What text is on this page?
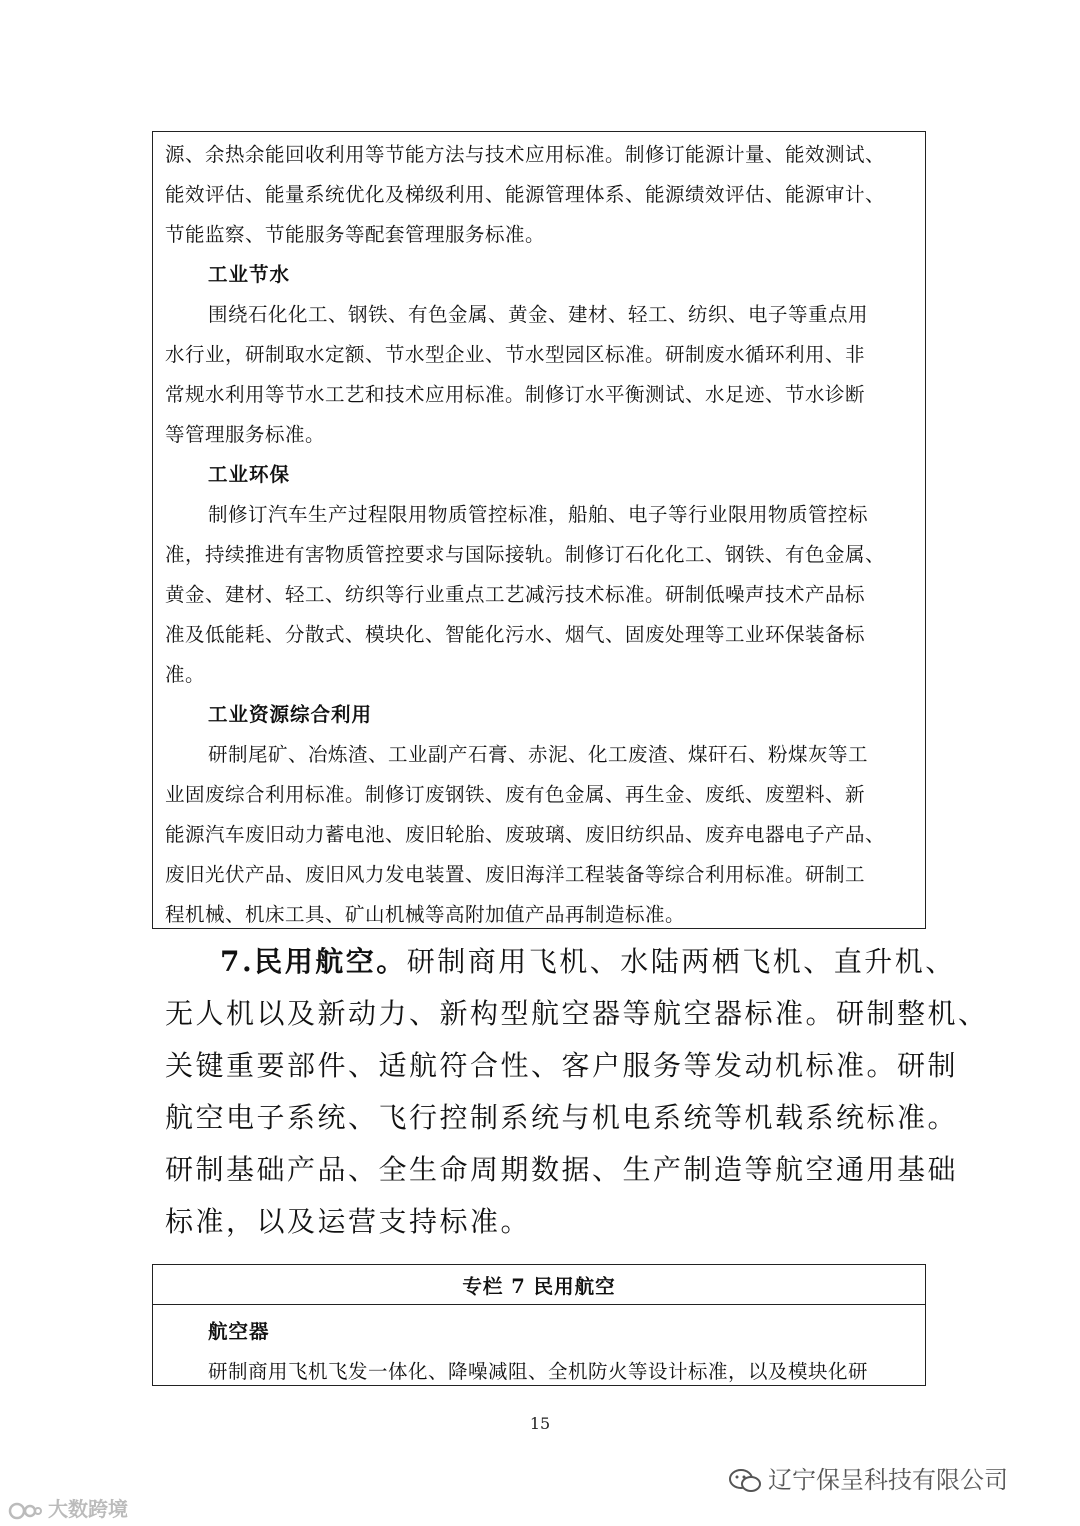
源、余热余能回收利用等节能方法与技术应用标准。制修订能源计量、能效测试、
能效评估、能量系统优化及梯级利用、能源管理体系、能源绩效评估、能源审计、
节能监察、节能服务等配套管理服务标准。
工业节水
围绕石化化工、钢铁、有色金属、黄金、建材、轻工、纺织、电子等重点用
水行业，研制取水定额、节水型企业、节水型园区标准。研制废水循环利用、非
常规水利用等节水工艺和技术应用标准。制修订水平衡测试、水足迹、节水诊断
等管理服务标准。
工业环保
制修订汽车生产过程限用物质管控标准，船舶、电子等行业限用物质管控标
准，持续推进有害物质管控要求与国际接轨。制修订石化化工、钢铁、有色金属、
黄金、建材、轻工、纺织等行业重点工艺减污技术标准。研制低噪声技术产品标
准及低能耗、分散式、模块化、智能化污水、烟气、固废处理等工业环保装备标
准。
工业资源综合利用
研制尾矿、冶炼渣、工业副产石膏、赤泥、化工废渣、煤矸石、粉煤灰等工
业固废综合利用标准。制修订废钢铁、废有色金属、再生金、废纸、废塑料、新
能源汽车废旧动力蓄电池、废旧轮胎、废玻璃、废旧纺织品、废弃电器电子产品、
废旧光伏产品、废旧风力发电装置、废旧海洋工程装备等综合利用标准。研制工
程机械、机床工具、矿山机械等高附加值产品再制造标准。
7.民用航空。研制商用飞机、水陆两栖飞机、直升机、
无人机以及新动力、新构型航空器等航空器标准。研制整机、
关键重要部件、适航符合性、客户服务等发动机标准。研制
航空电子系统、飞行控制系统与机电系统等机载系统标准。
研制基础产品、全生命周期数据、生产制造等航空通用基础
标准，以及运营支持标准。
专栏 7 民用航空
航空器
研制商用飞机飞发一体化、降噪减阻、全机防火等设计标准，以及模块化研
15
大数跨境
辽宁保呈科技有限公司
